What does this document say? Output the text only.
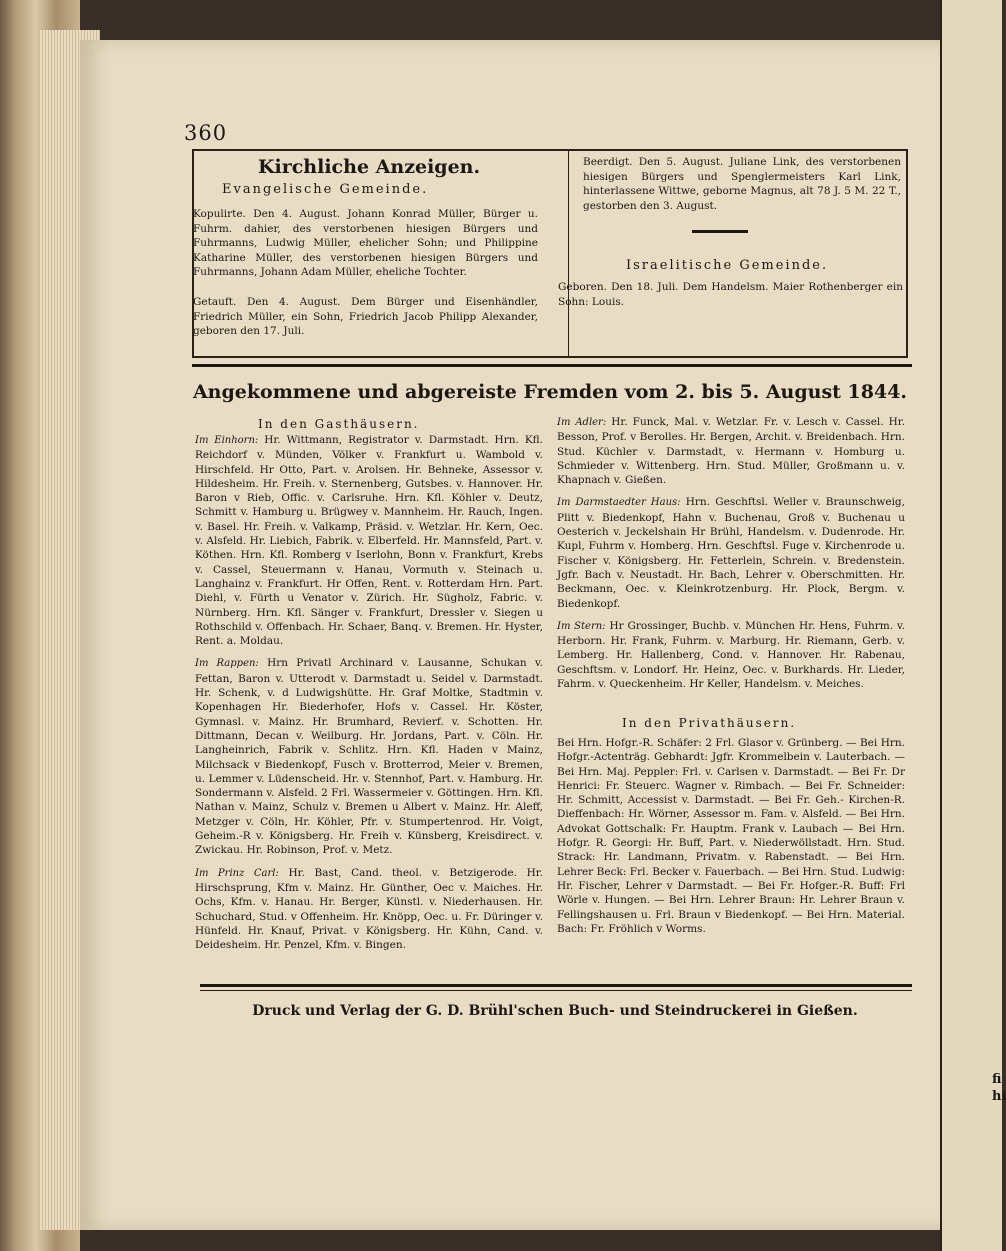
fi
hi
360
Kirchliche Anzeigen.
Evangelische Gemeinde.
Kopulirte. Den 4. August. Johann Konrad Müller, Bürger u. Fuhrm. dahier, des verstorbenen hiesigen Bürgers und Fuhrmanns, Ludwig Müller, ehelicher Sohn; und Philippine Katharine Müller, des verstorbenen hiesigen Bürgers und Fuhrmanns, Johann Adam Müller, eheliche Tochter.
Getauft. Den 4. August. Dem Bürger und Eisenhändler, Friedrich Müller, ein Sohn, Friedrich Jacob Philipp Alexander, geboren den 17. Juli.
Beerdigt. Den 5. August. Juliane Link, des verstorbenen hiesigen Bürgers und Spenglermeisters Karl Link, hinterlassene Wittwe, geborne Magnus, alt 78 J. 5 M. 22 T., gestorben den 3. August.
Israelitische Gemeinde.
Geboren. Den 18. Juli. Dem Handelsm. Maier Rothenberger ein Sohn: Louis.
Angekommene und abgereiste Fremden vom 2. bis 5. August 1844.
In den Gasthäusern.

Im Einhorn: Hr. Wittmann, Registrator v. Darmstadt. Hrn. Kfl. Reichdorf v. Münden, Völker v. Frankfurt u. Wambold v. Hirschfeld. Hr Otto, Part. v. Arolsen. Hr. Behneke, Assessor v. Hildesheim. Hr. Freih. v. Sternenberg, Gutsbes. v. Hannover. Hr. Baron v Rieb, Offic. v. Carlsruhe. Hrn. Kfl. Köhler v. Deutz, Schmitt v. Hamburg u. Brügwey v. Mannheim. Hr. Rauch, Ingen. v. Basel. Hr. Freih. v. Valkamp, Präsid. v. Wetzlar. Hr. Kern, Oec. v. Alsfeld. Hr. Liebich, Fabrik. v. Elberfeld. Hr. Mannsfeld, Part. v. Köthen. Hrn. Kfl. Romberg v Iserlohn, Bonn v. Frankfurt, Krebs v. Cassel, Steuermann v. Hanau, Vormuth v. Steinach u. Langhainz v. Frankfurt. Hr Offen, Rent. v. Rotterdam Hrn. Part. Diehl, v. Fürth u Venator v. Zürich. Hr. Sügholz, Fabric. v. Nürnberg. Hrn. Kfl. Sänger v. Frankfurt, Dressler v. Siegen u Rothschild v. Offenbach. Hr. Schaer, Banq. v. Bremen. Hr. Hyster, Rent. a. Moldau.

Im Rappen: Hrn Privatl Archinard v. Lausanne, Schukan v. Fettan, Baron v. Utterodt v. Darmstadt u. Seidel v. Darmstadt. Hr. Schenk, v. d Ludwigshütte. Hr. Graf Moltke, Stadtmin v. Kopenhagen Hr. Biederhofer, Hofs v. Cassel. Hr. Köster, Gymnasl. v. Mainz. Hr. Brumhard, Revierf. v. Schotten. Hr. Dittmann, Decan v. Weilburg. Hr. Jordans, Part. v. Cöln. Hr. Langheinrich, Fabrik v. Schlitz. Hrn. Kfl. Haden v Mainz, Milchsack v Biedenkopf, Fusch v. Brotterrod, Meier v. Bremen, u. Lemmer v. Lüdenscheid. Hr. v. Stennhof, Part. v. Hamburg. Hr. Sondermann v. Alsfeld. 2 Frl. Wassermeier v. Göttingen. Hrn. Kfl. Nathan v. Mainz, Schulz v. Bremen u Albert v. Mainz. Hr. Aleff, Metzger v. Cöln, Hr. Köhler, Pfr. v. Stumpertenrod. Hr. Voigt, Geheim.-R v. Königsberg. Hr. Freih v. Künsberg, Kreisdirect. v. Zwickau. Hr. Robinson, Prof. v. Metz.

Im Prinz Carl: Hr. Bast, Cand. theol. v. Betzigerode. Hr. Hirschsprung, Kfm v. Mainz. Hr. Günther, Oec v. Maiches. Hr. Ochs, Kfm. v. Hanau. Hr. Berger, Künstl. v. Niederhausen. Hr. Schuchard, Stud. v Offenheim. Hr. Knöpp, Oec. u. Fr. Düringer v. Hünfeld. Hr. Knauf, Privat. v Königsberg. Hr. Kühn, Cand. v. Deidesheim. Hr. Penzel, Kfm. v. Bingen.

Im Adler: Hr. Funck, Mal. v. Wetzlar. Fr. v. Lesch v. Cassel. Hr. Besson, Prof. v Berolles. Hr. Bergen, Archit. v. Breidenbach. Hrn. Stud. Küchler v. Darmstadt, v. Hermann v. Homburg u. Schmieder v. Wittenberg. Hrn. Stud. Müller, Großmann u. v. Khapnach v. Gießen.

Im Darmstaedter Haus: Hrn. Geschftsl. Weller v. Braunschweig, Plitt v. Biedenkopf, Hahn v. Buchenau, Groß v. Buchenau u Oesterich v. Jeckelshain Hr Brühl, Handelsm. v. Dudenrode. Hr. Kupl, Fuhrm v. Homberg. Hrn. Geschftsl. Fuge v. Kirchenrode u. Fischer v. Königsberg. Hr. Fetterlein, Schrein. v. Bredenstein. Jgfr. Bach v. Neustadt. Hr. Bach, Lehrer v. Oberschmitten. Hr. Beckmann, Oec. v. Kleinkrotzenburg. Hr. Plock, Bergm. v. Biedenkopf.

Im Stern: Hr Grossinger, Buchb. v. München Hr. Hens, Fuhrm. v. Herborn. Hr. Frank, Fuhrm. v. Marburg. Hr. Riemann, Gerb. v. Lemberg. Hr. Hallenberg, Cond. v. Hannover. Hr. Rabenau, Geschftsm. v. Londorf. Hr. Heinz, Oec. v. Burkhards. Hr. Lieder, Fahrm. v. Queckenheim. Hr Keller, Handelsm. v. Meiches.

In den Privathäusern.

Bei Hrn. Hofgr.-R. Schäfer: 2 Frl. Glasor v. Grünberg. — Bei Hrn. Hofgr.-Actenträg. Gebhardt: Jgfr. Krommelbein v. Lauterbach. — Bei Hrn. Maj. Peppler: Frl. v. Carlsen v. Darmstadt. — Bei Fr. Dr Henrici: Fr. Steuerc. Wagner v. Rimbach. — Bei Fr. Schneider: Hr. Schmitt, Accessist v. Darmstadt. — Bei Fr. Geh.- Kirchen-R. Dieffenbach: Hr. Wörner, Assessor m. Fam. v. Alsfeld. — Bei Hrn. Advokat Gottschalk: Fr. Hauptm. Frank v. Laubach — Bei Hrn. Hofgr. R. Georgi: Hr. Buff, Part. v. Niederwöllstadt. Hrn. Stud. Strack: Hr. Landmann, Privatm. v. Rabenstadt. — Bei Hrn. Lehrer Beck: Frl. Becker v. Fauerbach. — Bei Hrn. Stud. Ludwig: Hr. Fischer, Lehrer v Darmstadt. — Bei Fr. Hofger.-R. Buff: Frl Wörle v. Hungen. — Bei Hrn. Lehrer Braun: Hr. Lehrer Braun v. Fellingshausen u. Frl. Braun v Biedenkopf. — Bei Hrn. Material. Bach: Fr. Fröhlich v Worms.

Druck und Verlag der G. D. Brühl'schen Buch- und Steindruckerei in Gießen.
